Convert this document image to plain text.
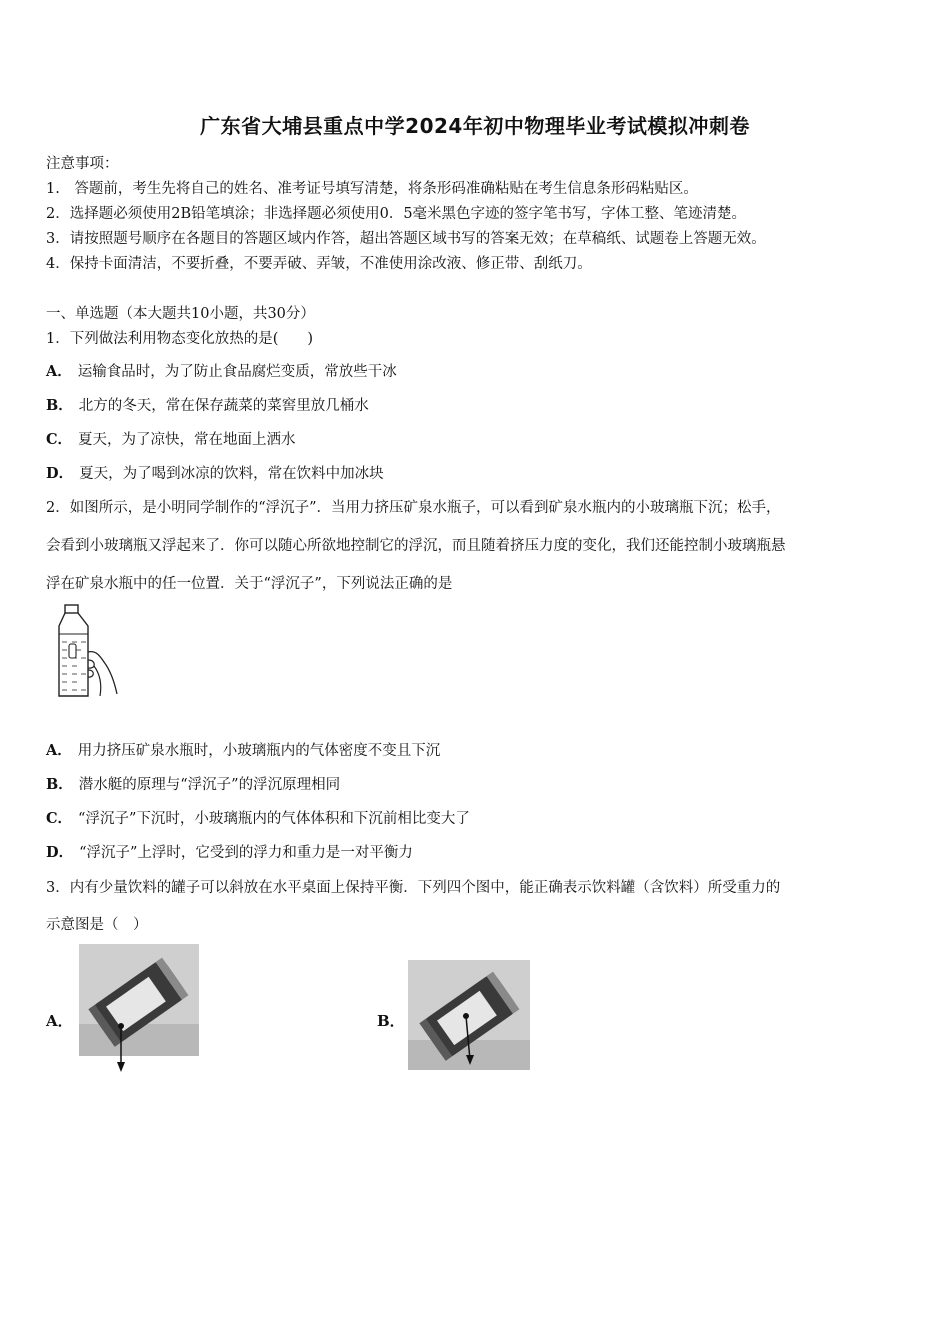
广东省大埔县重点中学2024年初中物理毕业考试模拟冲刺卷
注意事项：
1.　答题前，考生先将自己的姓名、准考证号填写清楚，将条形码准确粘贴在考生信息条形码粘贴区。
2．选择题必须使用2B铅笔填涂；非选择题必须使用0．5毫米黑色字迹的签字笔书写，字体工整、笔迹清楚。
3．请按照题号顺序在各题目的答题区域内作答，超出答题区域书写的答案无效；在草稿纸、试题卷上答题无效。
4．保持卡面清洁，不要折叠，不要弄破、弄皱，不准使用涂改液、修正带、刮纸刀。
一、单选题（本大题共10小题，共30分）
1．下列做法利用物态变化放热的是(　　)
A． 运输食品时，为了防止食品腐烂变质，常放些干冰
B． 北方的冬天，常在保存蔬菜的菜窖里放几桶水
C． 夏天，为了凉快，常在地面上洒水
D． 夏天，为了喝到冰凉的饮料，常在饮料中加冰块
2．如图所示，是小明同学制作的“浮沉子”．当用力挤压矿泉水瓶子，可以看到矿泉水瓶内的小玻璃瓶下沉；松手，
会看到小玻璃瓶又浮起来了．你可以随心所欲地控制它的浮沉，而且随着挤压力度的变化，我们还能控制小玻璃瓶悬
浮在矿泉水瓶中的任一位置．关于“浮沉子”，下列说法正确的是
A． 用力挤压矿泉水瓶时，小玻璃瓶内的气体密度不变且下沉
B． 潜水艇的原理与“浮沉子”的浮沉原理相同
C． “浮沉子”下沉时，小玻璃瓶内的气体体积和下沉前相比变大了
D． “浮沉子”上浮时，它受到的浮力和重力是一对平衡力
3．内有少量饮料的罐子可以斜放在水平桌面上保持平衡．下列四个图中，能正确表示饮料罐（含饮料）所受重力的
示意图是（　）
A．	B．
